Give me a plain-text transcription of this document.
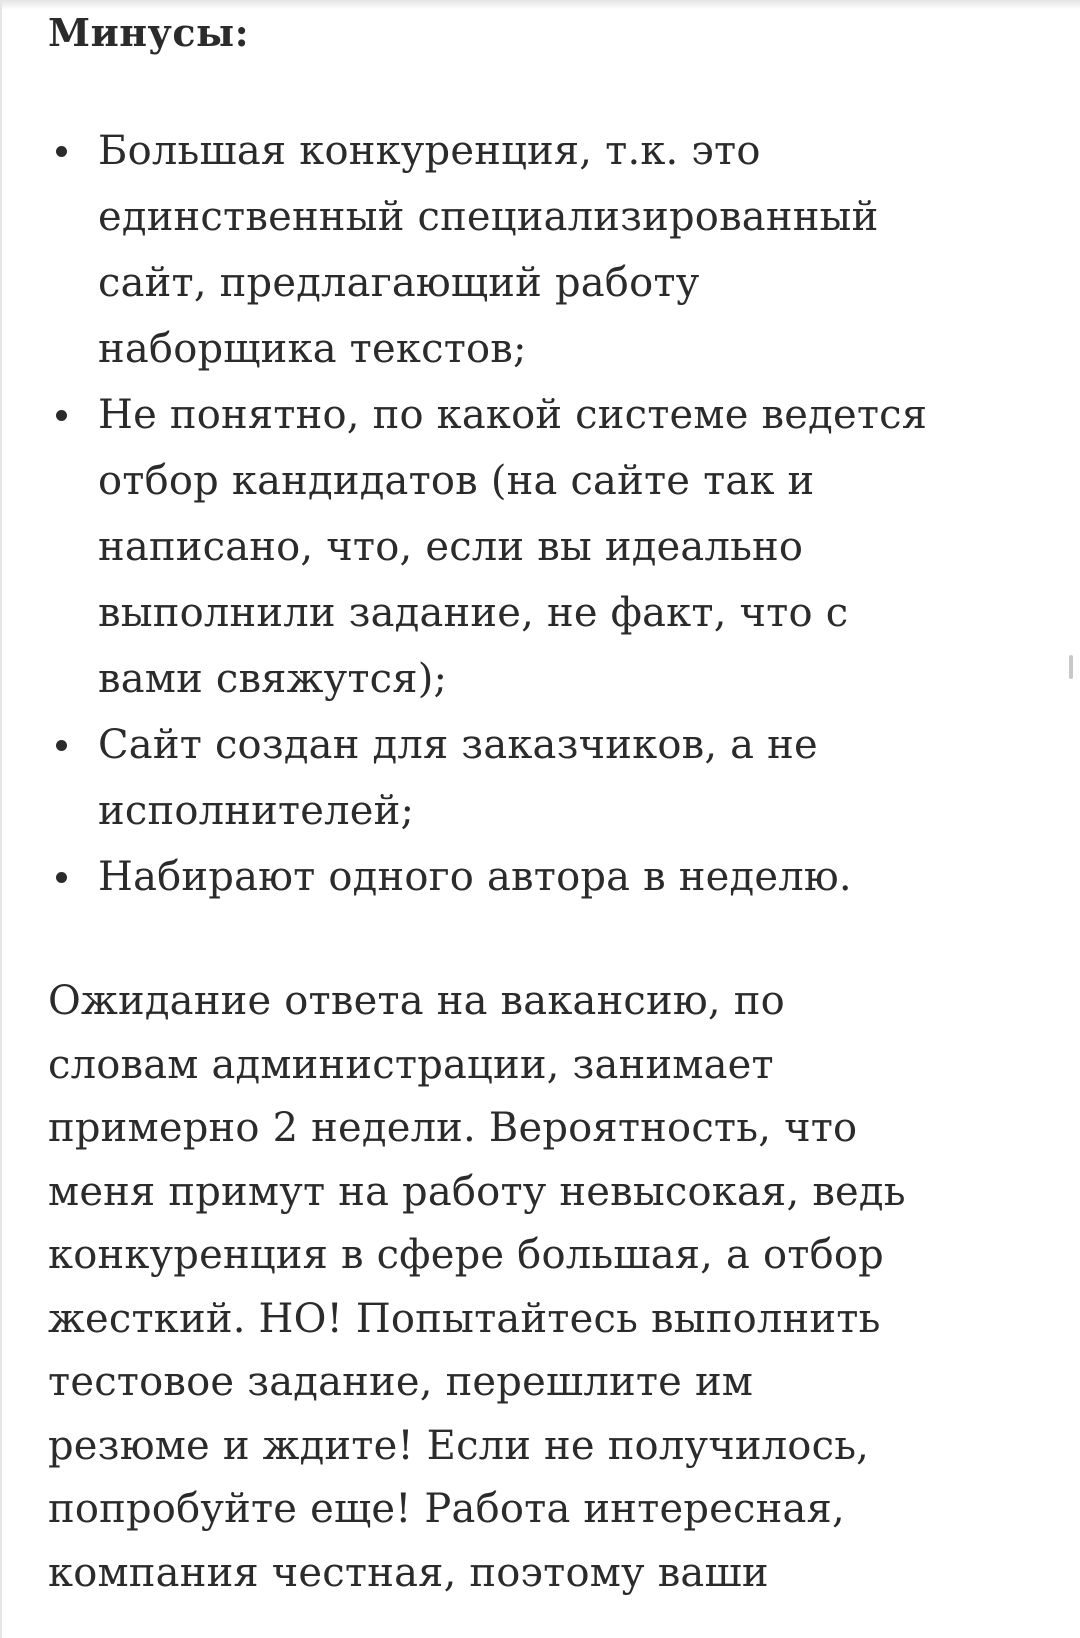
Минусы:
Большая конкуренция, т.к. это
единственный специализированный
сайт, предлагающий работу
наборщика текстов;
Не понятно, по какой системе ведется
отбор кандидатов (на сайте так и
написано, что, если вы идеально
выполнили задание, не факт, что с
вами свяжутся);
Сайт создан для заказчиков, а не
исполнителей;
Набирают одного автора в неделю.
Ожидание ответа на вакансию, по
словам администрации, занимает
примерно 2 недели. Вероятность, что
меня примут на работу невысокая, ведь
конкуренция в сфере большая, а отбор
жесткий. НО! Попытайтесь выполнить
тестовое задание, перешлите им
резюме и ждите! Если не получилось,
попробуйте еще! Работа интересная,
компания честная, поэтому ваши
